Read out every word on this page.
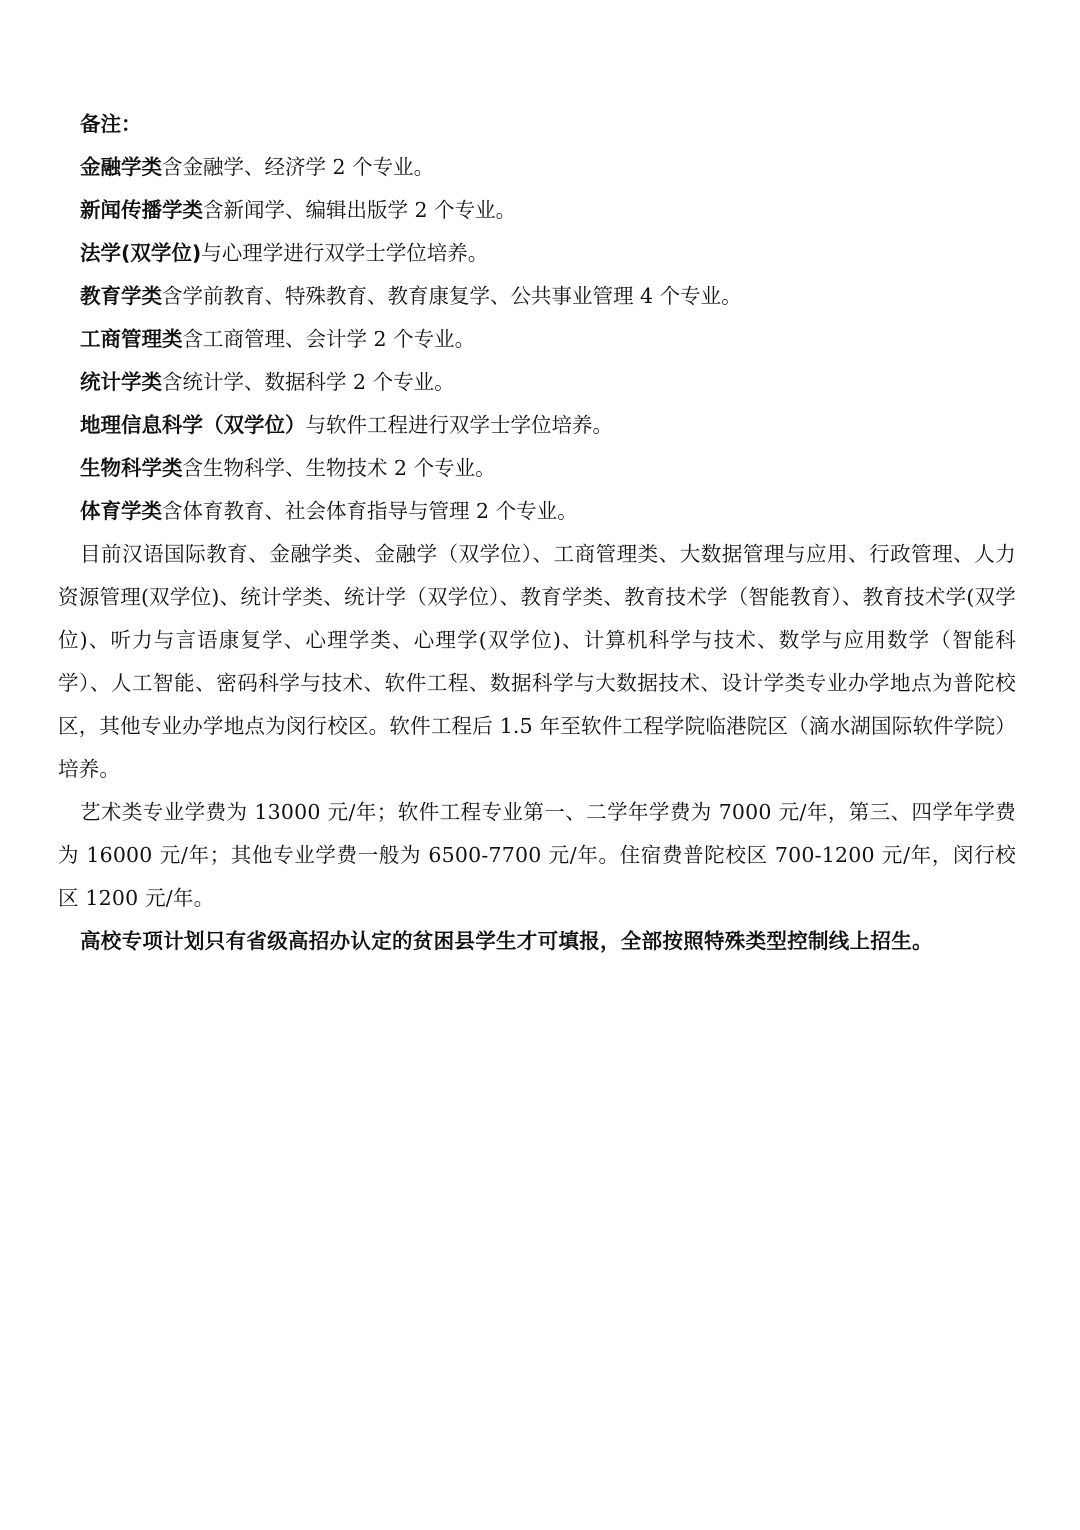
备注：

金融学类含金融学、经济学 2 个专业。

新闻传播学类含新闻学、编辑出版学 2 个专业。

法学(双学位)与心理学进行双学士学位培养。

教育学类含学前教育、特殊教育、教育康复学、公共事业管理 4 个专业。

工商管理类含工商管理、会计学 2 个专业。

统计学类含统计学、数据科学 2 个专业。

地理信息科学（双学位）与软件工程进行双学士学位培养。

生物科学类含生物科学、生物技术 2 个专业。

体育学类含体育教育、社会体育指导与管理 2 个专业。

目前汉语国际教育、金融学类、金融学（双学位）、工商管理类、大数据管理与应用、行政管理、人力资源管理(双学位)、统计学类、统计学（双学位）、教育学类、教育技术学（智能教育）、教育技术学(双学位)、听力与言语康复学、心理学类、心理学(双学位)、计算机科学与技术、数学与应用数学（智能科学）、人工智能、密码科学与技术、软件工程、数据科学与大数据技术、设计学类专业办学地点为普陀校区，其他专业办学地点为闵行校区。软件工程后 1.5 年至软件工程学院临港院区（滴水湖国际软件学院）培养。

艺术类专业学费为 13000 元/年；软件工程专业第一、二学年学费为 7000 元/年，第三、四学年学费为 16000 元/年；其他专业学费一般为 6500-7700 元/年。住宿费普陀校区 700-1200 元/年，闵行校区 1200 元/年。

高校专项计划只有省级高招办认定的贫困县学生才可填报，全部按照特殊类型控制线上招生。
